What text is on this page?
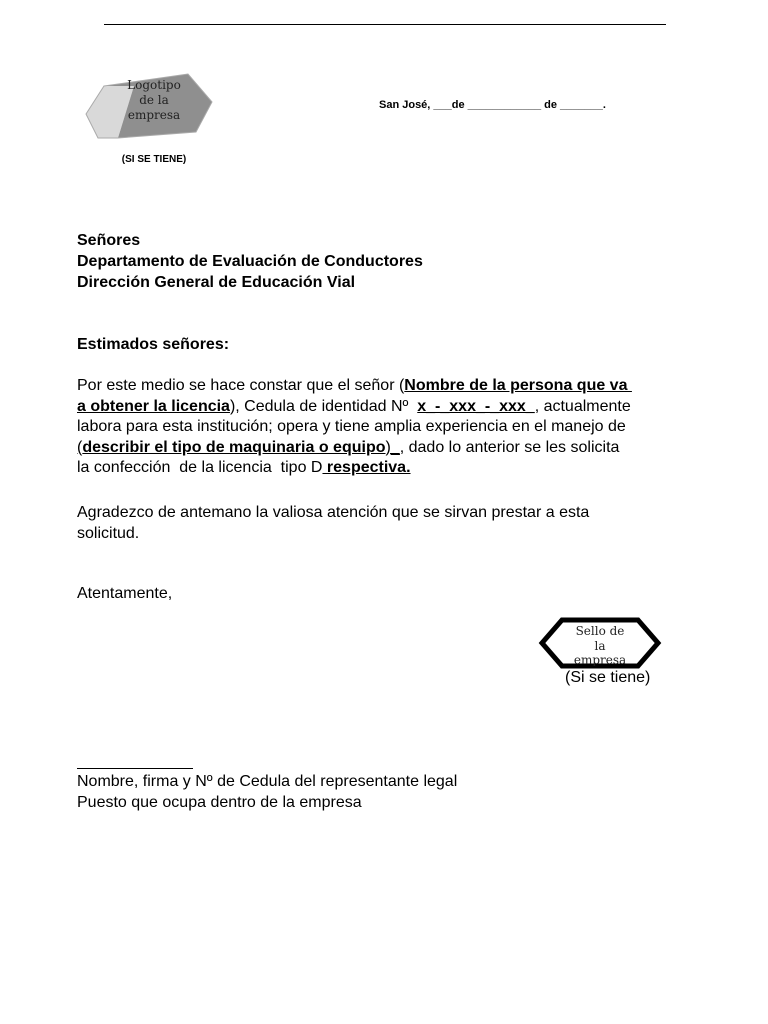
Logotipo de la empresa
(SI SE TIENE)
San José, ___de ____________ de _______.
Señores
Departamento de Evaluación de Conductores
Dirección General de Educación Vial
Estimados señores:
Por este medio se hace constar que el señor (Nombre de la persona que va
a obtener la licencia), Cedula de identidad Nº  x_-_xxx_-_xxx_, actualmente
labora para esta institución; opera y tiene amplia experiencia en el manejo de
(describir el tipo de maquinaria o equipo)_, dado lo anterior se les solicita
la confección  de la licencia  tipo D respectiva.
Agradezco de antemano la valiosa atención que se sirvan prestar a esta
solicitud.
Atentamente,
Sello de la empresa
(Si se tiene)
Nombre, firma y Nº de Cedula del representante legal
Puesto que ocupa dentro de la empresa
